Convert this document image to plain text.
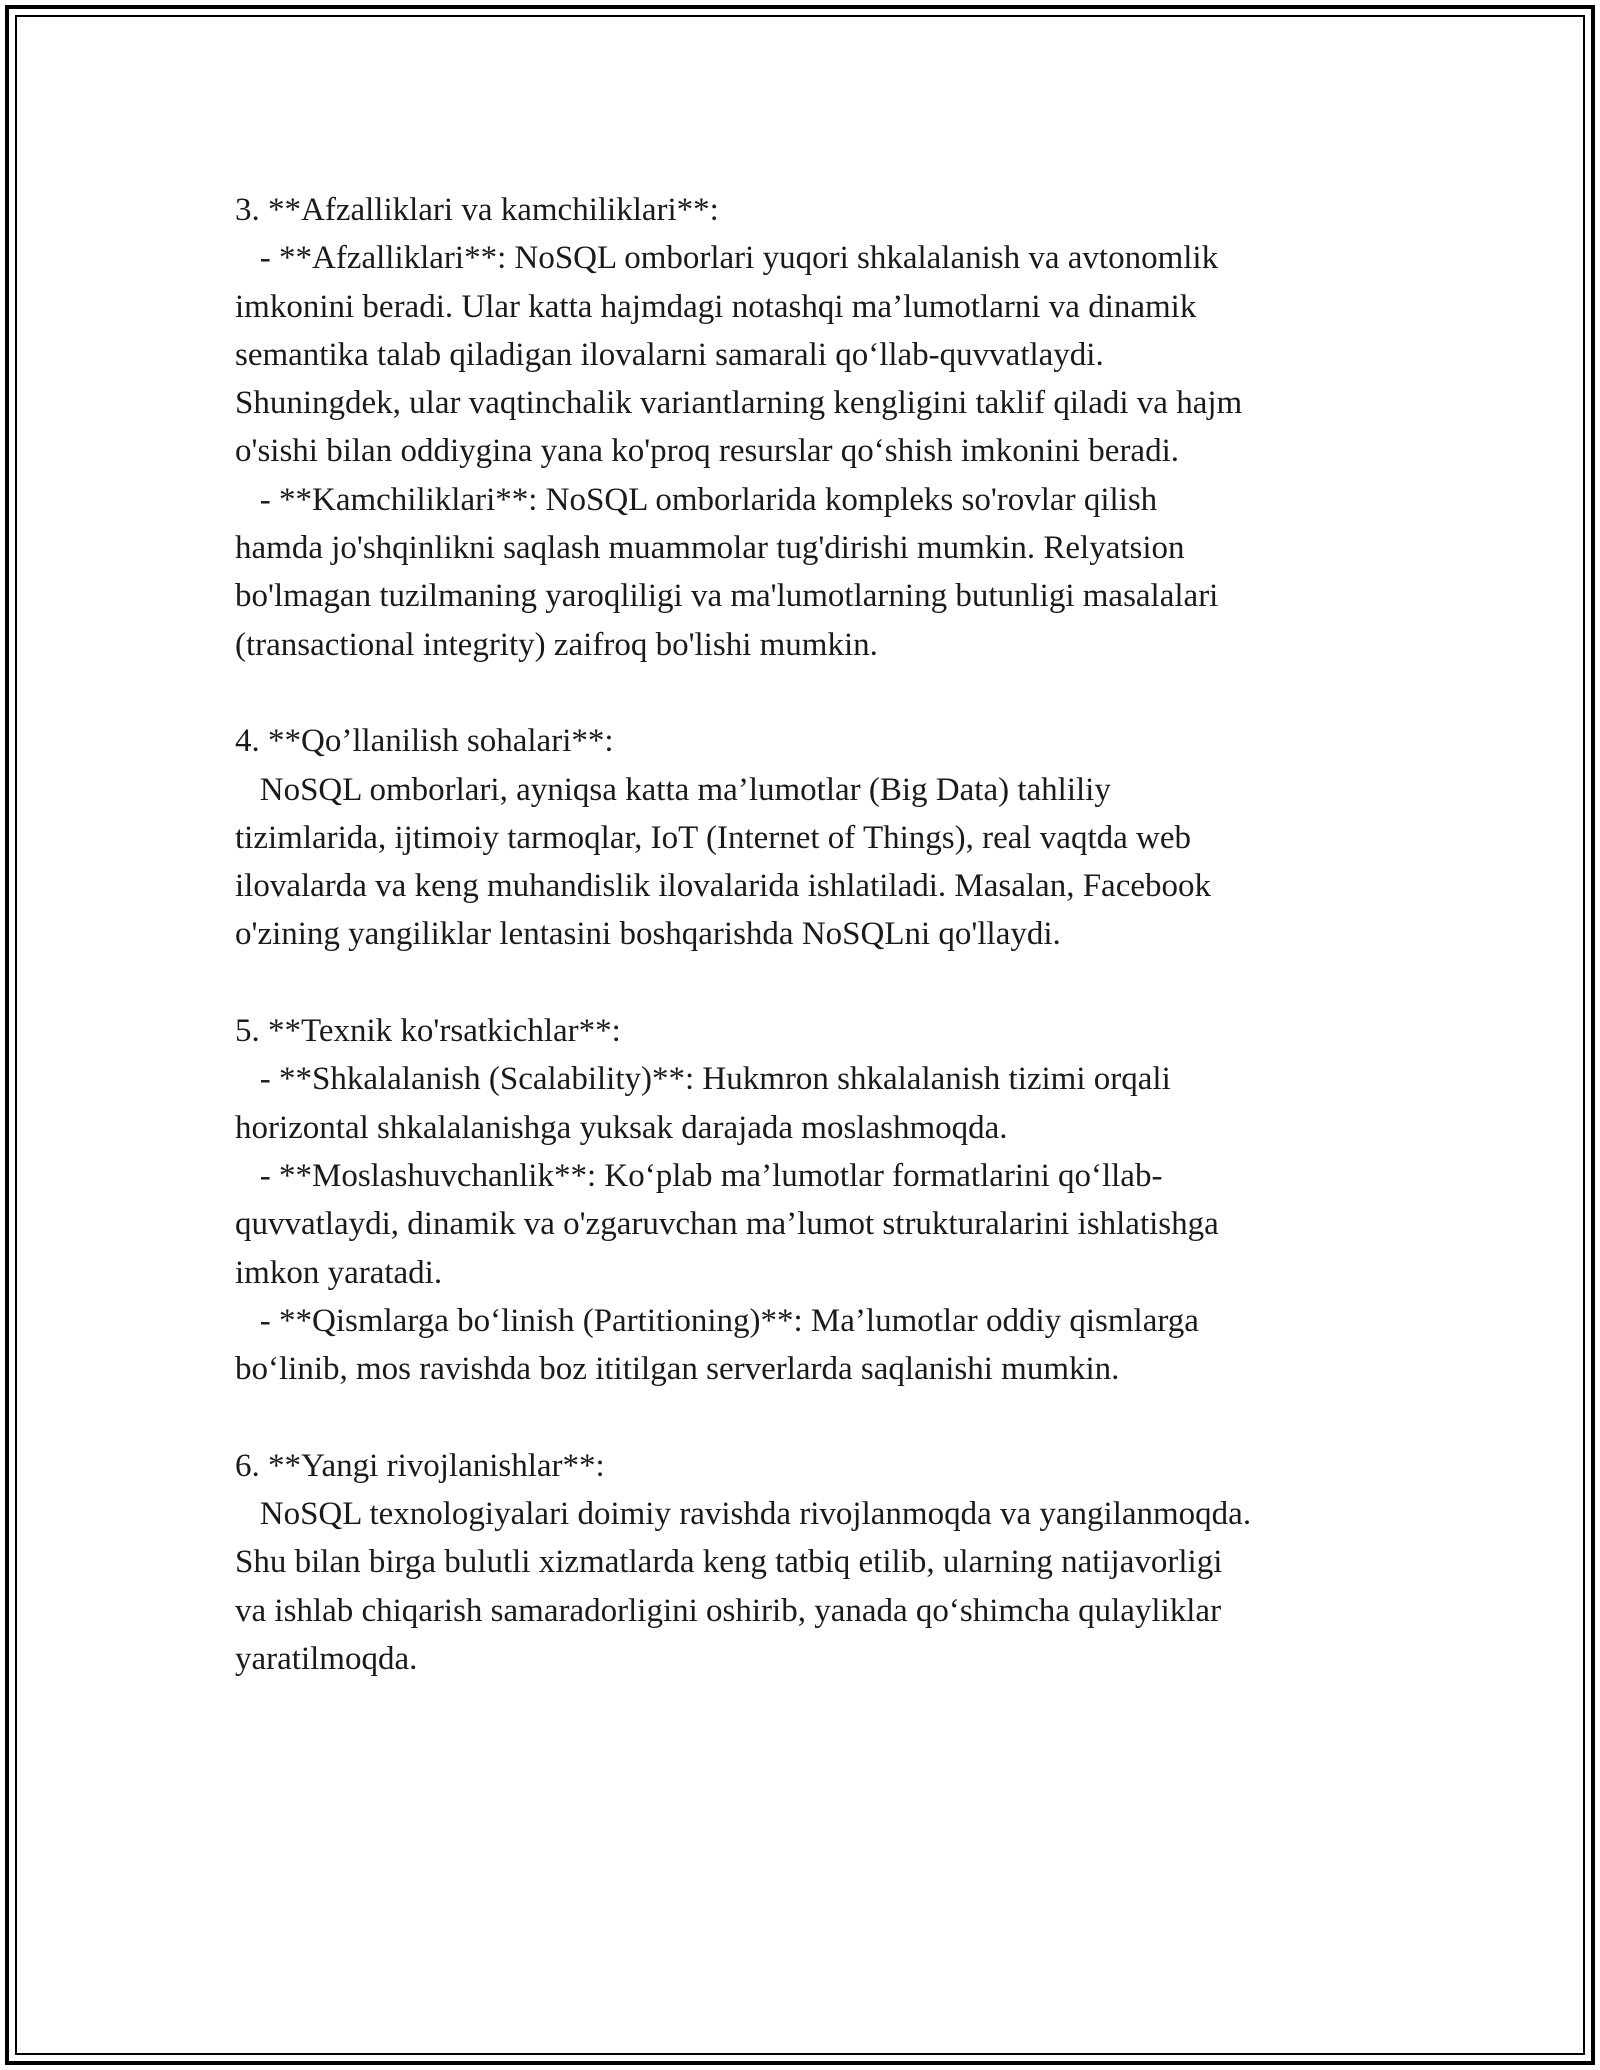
3. **Afzalliklari va kamchiliklari**:
- **Afzalliklari**: NoSQL omborlari yuqori shkalalanish va avtonomlik
imkonini beradi. Ular katta hajmdagi notashqi ma’lumotlarni va dinamik
semantika talab qiladigan ilovalarni samarali qo‘llab-quvvatlaydi.
Shuningdek, ular vaqtinchalik variantlarning kengligini taklif qiladi va hajm
o'sishi bilan oddiygina yana ko'proq resurslar qo‘shish imkonini beradi.
- **Kamchiliklari**: NoSQL omborlarida kompleks so'rovlar qilish
hamda jo'shqinlikni saqlash muammolar tug'dirishi mumkin. Relyatsion
bo'lmagan tuzilmaning yaroqliligi va ma'lumotlarning butunligi masalalari
(transactional integrity) zaifroq bo'lishi mumkin.
4. **Qo’llanilish sohalari**:
NoSQL omborlari, ayniqsa katta ma’lumotlar (Big Data) tahliliy
tizimlarida, ijtimoiy tarmoqlar, IoT (Internet of Things), real vaqtda web
ilovalarda va keng muhandislik ilovalarida ishlatiladi. Masalan, Facebook
o'zining yangiliklar lentasini boshqarishda NoSQLni qo'llaydi.
5. **Texnik ko'rsatkichlar**:
- **Shkalalanish (Scalability)**: Hukmron shkalalanish tizimi orqali
horizontal shkalalanishga yuksak darajada moslashmoqda.
- **Moslashuvchanlik**: Ko‘plab ma’lumotlar formatlarini qo‘llab-
quvvatlaydi, dinamik va o'zgaruvchan ma’lumot strukturalarini ishlatishga
imkon yaratadi.
- **Qismlarga bo‘linish (Partitioning)**: Ma’lumotlar oddiy qismlarga
bo‘linib, mos ravishda boz ititilgan serverlarda saqlanishi mumkin.
6. **Yangi rivojlanishlar**:
NoSQL texnologiyalari doimiy ravishda rivojlanmoqda va yangilanmoqda.
Shu bilan birga bulutli xizmatlarda keng tatbiq etilib, ularning natijavorligi
va ishlab chiqarish samaradorligini oshirib, yanada qo‘shimcha qulayliklar
yaratilmoqda.
